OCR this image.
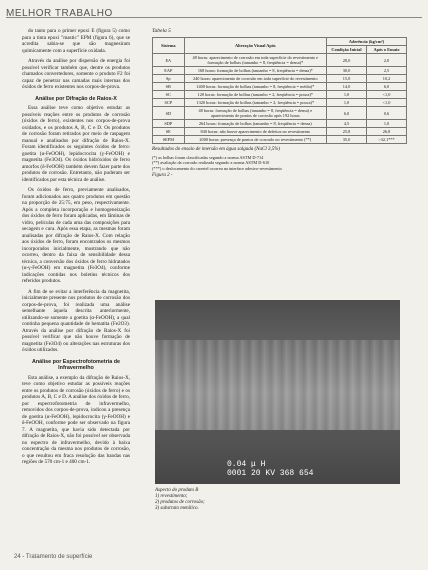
MELHOR TRABALHO

do tanto para o primer epoxi E (figura 5) como para a tinta epoxi "mastic" EPM (figura 6), que se acredita sabia-se que são magnesiram quimicamente com a superfície oxidada.

Através da análise por dispersão de energia foi possível verificar também que, dentre os produtos chamados convertedores, somente o produto F2 foi capaz de penetrar nas camadas mais internas dos óxidos de ferro existentes nos corpos-de-prova.

Análise por Difração de Raios-X

Essa análise teve como objetivo estudar as possíveis reações entre os produtos de corrosão (óxidos de ferro), existentes nos corpos-de-prova oxidados, e os produtos A, B, C e D. Os produtos de corrosão foram retirados por meio de raspagem manual e analisados por difração de Raios-X. Foram identificados os seguintes óxidos de ferro: goetita (α-FeOOH), lepidocrocita (γ-FeOOH) e magnetita (Fe3O4). Os óxidos hidróxidos de ferro amorfos (δ-FeOOH) também devem fazer parte dos produtos de corrosão. Entretanto, não puderam ser identificados por esta técnica de análise.

Os óxidos de ferro, previamente analisados, foram adicionados aos quatro produtos em questão na proporção de 25:75, em peso, respectivamente. Após a completa incorporação e homogeneização dos óxidos de ferro foram aplicadas, em lâminas de vidro, películas de cada uma das composições para secagem e cura. Após essa etapa, as mesmas foram analisadas por difração de Raios-X. Com relação aos óxidos de ferro, foram encontrados os mesmos incorporados inicialmente, mostrando que não ocorreu, dentro da faixa de sensibilidade dessa técnica, a conversão dos óxidos de ferro hidratados (α-γ-FeOOH) em magnetita (Fe3O4), conforme indicações contidas nos boletins técnicos dos referidos produtos.

A fim de se evitar a interferência da magnetita, inicialmente presente nos produtos de corrosão dos corpos-de-prova, foi realizada uma análise semelhante àquela descrita anteriormente, utilizando-se somente a goetita (α-FeOOH), a qual continha pequena quantidade de hematita (Fe2O3). Através da análise por difração de Raios-X foi possível verificar que não houve formação de magnetita (Fe3O4) ou alterações nas estruturas dos óxidos utilizados.

Análise por Espectrofotometria de Infravermelho

Esta análise, a exemplo da difração de Raios-X, teve como objetivo estudar as possíveis reações entre os produtos de corrosão (óxidos de ferro) e os produtos A, B, C e D. A análise dos óxidos de ferro, por espectrofotometria de infravermelho, removidos dos corpos-de-prova, indicou a presença de goetita (α-FeOOH), lepidocrocita (γ-FeOOH) e δ-FeOOH, conforme pode ser observado na figura 7. A magnetita, que havia sido detectada por difração de Raios-X, não foi possível ser observada no espectro de infravermelho, devido à baixa concentração da mesma nos produtos de corrosão, o que resultou em fraca resolução das bandas nas regiões de 570 cm-1 e 400 cm-1.

Tabela 5
Sistema	Alteração Visual Após	Aderência (kg/cm²)	
		Condição Inicial	Após o Ensaio
EA	48 horas: aparecimento de corrosão em toda superfície do revestimento e formação de bolhas (tamanho = 8, freqüência = densa)*	28,0	2,0
EAP	168 horas: formação de bolhas (tamanho = 8, freqüência = densa)*	30,0	2,5
Sp	240 horas: aparecimento de corrosão em toda superfície do revestimento	15,0	10,2
SB	1400 horas: formação de bolhas (tamanho = 8, freqüência = média)*	14,0	6,0
SC	120 horas: formação de bolhas (tamanho = 2, freqüência = pouca)*	1,0	<1,0
SCP	1320 horas: formação de bolhas (tamanho = 2, freqüência = pouca)*	1,0	<1,0
SD	48 horas: formação de bolhas (tamanho = 8, freqüência = densa) e aparecimento de pontos de corrosão após 192 horas	6,0	0,6
SDP	264 horas: formação de bolhas (tamanho = 8, freqüência = densa)	4,5	1,0
SE	840 horas: não houve aparecimento de defeitos no revestimento	25,8	26,8
SEPM	2000 horas: presença de pontos de corrosão no revestimento (**)	35,0	>32,1***
Resultados do ensaio de imersão em água salgada (NaCl 3,5%)
(*) as bolhas foram classificadas segundo a norma ASTM D-714
(**) avaliação da corrosão realizada segundo a norma ASTM D-610
(***) o deslocamento do carretel ocorreu na interface adesivo-revestimento
Figura 2 -
0.04 μ H
0001 20 KV 368 654
Aspecto do produto B
1) revestimento;
2) produtos de corrosão;
3) substrato metálico.
24 - Tratamento de superfície
